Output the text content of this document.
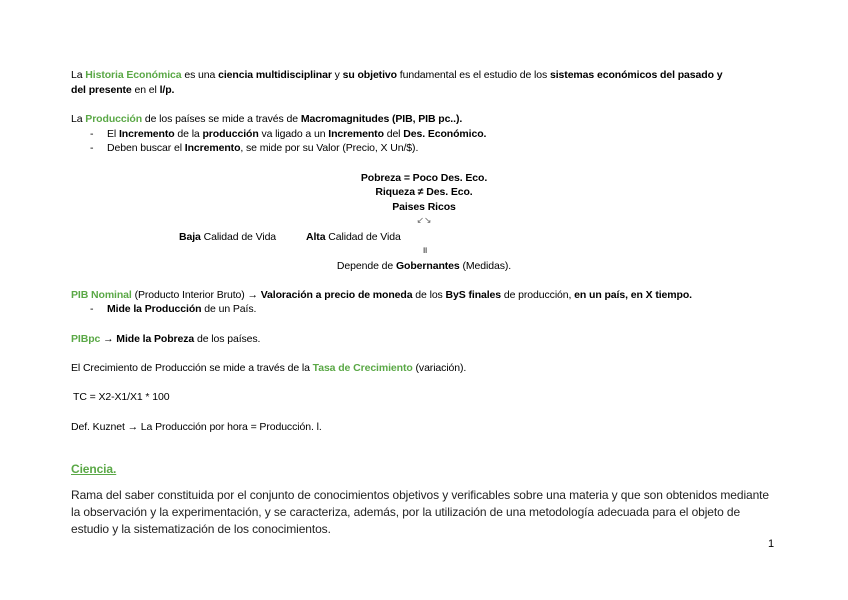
La Historia Económica es una ciencia multidisciplinar y su objetivo fundamental es el estudio de los sistemas económicos del pasado y
del presente en el l/p.
La Producción de los países se mide a través de Macromagnitudes (PIB, PIB pc..).
- El Incremento de la producción va ligado a un Incremento del Des. Económico.
- Deben buscar el Incremento, se mide por su Valor (Precio, X Un/$).
Pobreza = Poco Des. Eco.
Riqueza ≠ Des. Eco.
Paises Ricos
↙↘
Baja Calidad de Vida	Alta Calidad de Vida
॥
Depende de Gobernantes (Medidas).
PIB Nominal (Producto Interior Bruto) → Valoración a precio de moneda de los ByS finales de producción, en un país, en X tiempo.
- Mide la Producción de un País.
PIBpc → Mide la Pobreza de los países.
El Crecimiento de Producción se mide a través de la Tasa de Crecimiento (variación).
TC = X2-X1/X1 * 100
Def. Kuznet → La Producción por hora = Producción. l.
Ciencia.
Rama del saber constituida por el conjunto de conocimientos objetivos y verificables sobre una materia y que son obtenidos mediante la observación y la experimentación, y se caracteriza, además, por la utilización de una metodología adecuada para el objeto de estudio y la sistematización de los conocimientos.
1
